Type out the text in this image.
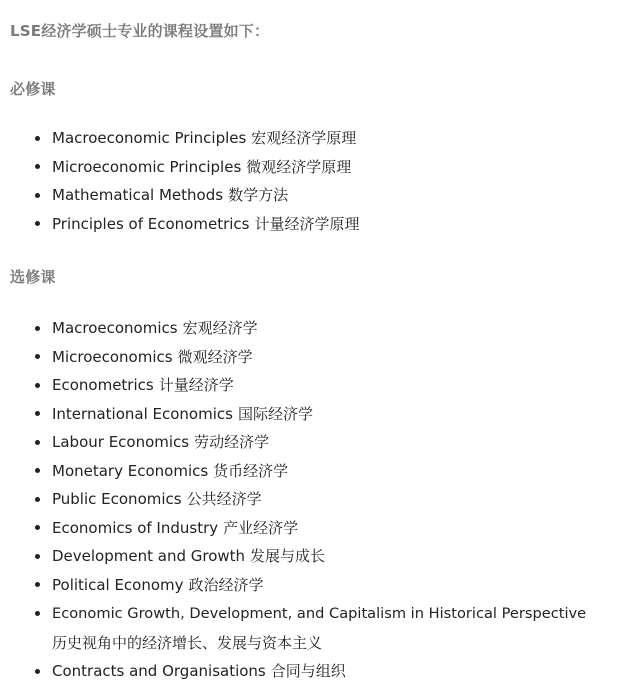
LSE经济学硕士专业的课程设置如下：
必修课
Macroeconomic Principles 宏观经济学原理
Microeconomic Principles 微观经济学原理
Mathematical Methods 数学方法
Principles of Econometrics 计量经济学原理
选修课
Macroeconomics 宏观经济学
Microeconomics 微观经济学
Econometrics 计量经济学
International Economics 国际经济学
Labour Economics 劳动经济学
Monetary Economics 货币经济学
Public Economics 公共经济学
Economics of Industry 产业经济学
Development and Growth 发展与成长
Political Economy 政治经济学
Economic Growth, Development, and Capitalism in Historical Perspective
历史视角中的经济增长、发展与资本主义
Contracts and Organisations 合同与组织
